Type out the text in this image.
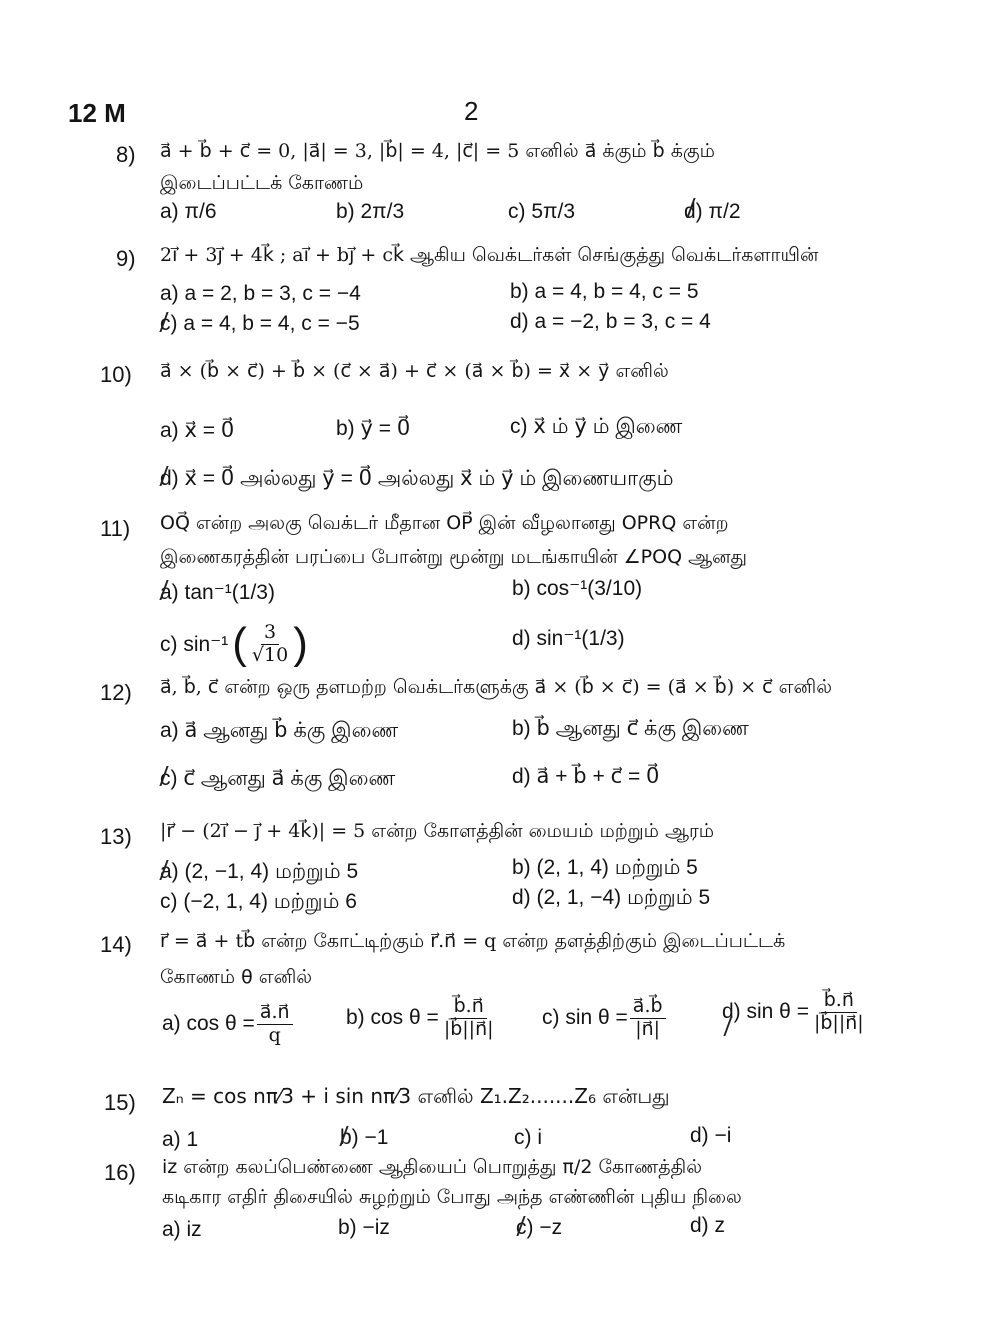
12 M	2
8) a⃗ + b⃗ + c⃗ = 0, |a⃗| = 3, |b⃗| = 4, |c⃗| = 5 எனில் a⃗ க்கும் b⃗ க்கும்
இடைப்பட்டக் கோணம்
a) π/6	b) 2π/3	c) 5π/3	d) π/2
9) 2i⃗ + 3j⃗ + 4k⃗ ; ai⃗ + bj⃗ + ck⃗ ஆகிய வெக்டர்கள் செங்குத்து வெக்டர்களாயின்
a) a = 2, b = 3, c = −4	b) a = 4, b = 4, c = 5
c) a = 4, b = 4, c = −5	d) a = −2, b = 3, c = 4
10) a⃗ × (b⃗ × c⃗) + b⃗ × (c⃗ × a⃗) + c⃗ × (a⃗ × b⃗) = x⃗ × y⃗ எனில்
a) x⃗ = 0⃗	b) y⃗ = 0⃗	c) x⃗ ம் y⃗ ம் இணை
d) x⃗ = 0⃗ அல்லது y⃗ = 0⃗ அல்லது x⃗ ம் y⃗ ம் இணையாகும்
11) OQ⃗ என்ற அலகு வெக்டர் மீதான OP⃗ இன் வீழலானது OPRQ என்ற
இணைகரத்தின் பரப்பை போன்று மூன்று மடங்காயின் ∠POQ ஆனது
a) tan⁻¹(1/3)	b) cos⁻¹(3/10)
c) sin⁻¹ ( $\frac{3}{√10}$ )	d) sin⁻¹(1/3)
12) a⃗, b⃗, c⃗ என்ற ஒரு தளமற்ற வெக்டர்களுக்கு a⃗ × (b⃗ × c⃗) = (a⃗ × b⃗) × c⃗ எனில்
a) a⃗ ஆனது b⃗ க்கு இணை	b) b⃗ ஆனது c⃗ க்கு இணை
c) c⃗ ஆனது a⃗ க்கு இணை	d) a⃗ + b⃗ + c⃗ = 0⃗
13) |r⃗ − (2i⃗ − j⃗ + 4k⃗)| = 5 என்ற கோளத்தின் மையம் மற்றும் ஆரம்
a) (2, −1, 4) மற்றும் 5	b) (2, 1, 4) மற்றும் 5
c) (−2, 1, 4) மற்றும் 6	d) (2, 1, −4) மற்றும் 5
14) r⃗ = a⃗ + tb⃗ என்ற கோட்டிற்கும் r⃗.n⃗ = q என்ற தளத்திற்கும் இடைப்பட்டக்
கோணம் θ எனில்
a) $\cos \theta = \frac{a⃗.n⃗}{q}$	b) $\cos \theta = \frac{b⃗.n⃗}{|b⃗||n⃗|} c$) $\sin \theta = \frac{a⃗.b⃗}{|n⃗|}$	d) $\sin \theta = \frac{b⃗.n⃗}{|b⃗||n⃗|}$
15) Zₙ = cos nπ⁄3 + i sin nπ⁄3 எனில் Z₁.Z₂.......Z₆ என்பது
a) 1	b) −1	c) i	d) −i
16) iz என்ற கலப்பெண்ணை ஆதியைப் பொறுத்து π/2 கோணத்தில்
கடிகார எதிர் திசையில் சுழற்றும் போது அந்த எண்ணின் புதிய நிலை
a) iz	b) −iz	c) −z	d) z
